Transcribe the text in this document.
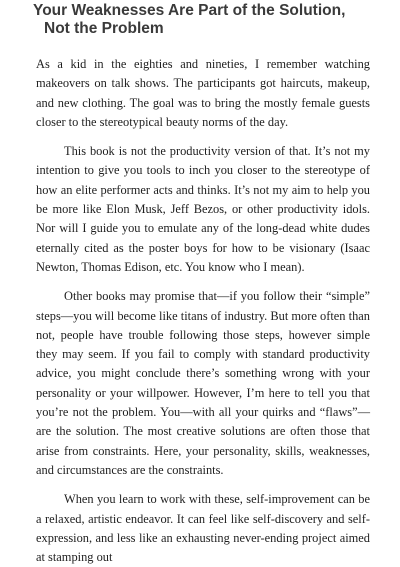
Your Weaknesses Are Part of the Solution,
Not the Problem

As a kid in the eighties and nineties, I remember watching makeovers on talk shows. The participants got haircuts, makeup, and new clothing. The goal was to bring the mostly female guests closer to the stereotypical beauty norms of the day.

This book is not the productivity version of that. It’s not my intention to give you tools to inch you closer to the stereotype of how an elite performer acts and thinks. It’s not my aim to help you be more like Elon Musk, Jeff Bezos, or other productivity idols. Nor will I guide you to emulate any of the long-dead white dudes eternally cited as the poster boys for how to be visionary (Isaac Newton, Thomas Edison, etc. You know who I mean).

Other books may promise that—if you follow their “simple” steps—you will become like titans of industry. But more often than not, people have trouble following those steps, however simple they may seem. If you fail to comply with standard productivity advice, you might conclude there’s something wrong with your personality or your willpower. However, I’m here to tell you that you’re not the problem. You—with all your quirks and “flaws”—are the solution. The most creative solutions are often those that arise from constraints. Here, your personality, skills, weaknesses, and circumstances are the constraints.

When you learn to work with these, self-improvement can be a relaxed, artistic endeavor. It can feel like self-discovery and self-expression, and less like an exhausting never-ending project aimed at stamping out
